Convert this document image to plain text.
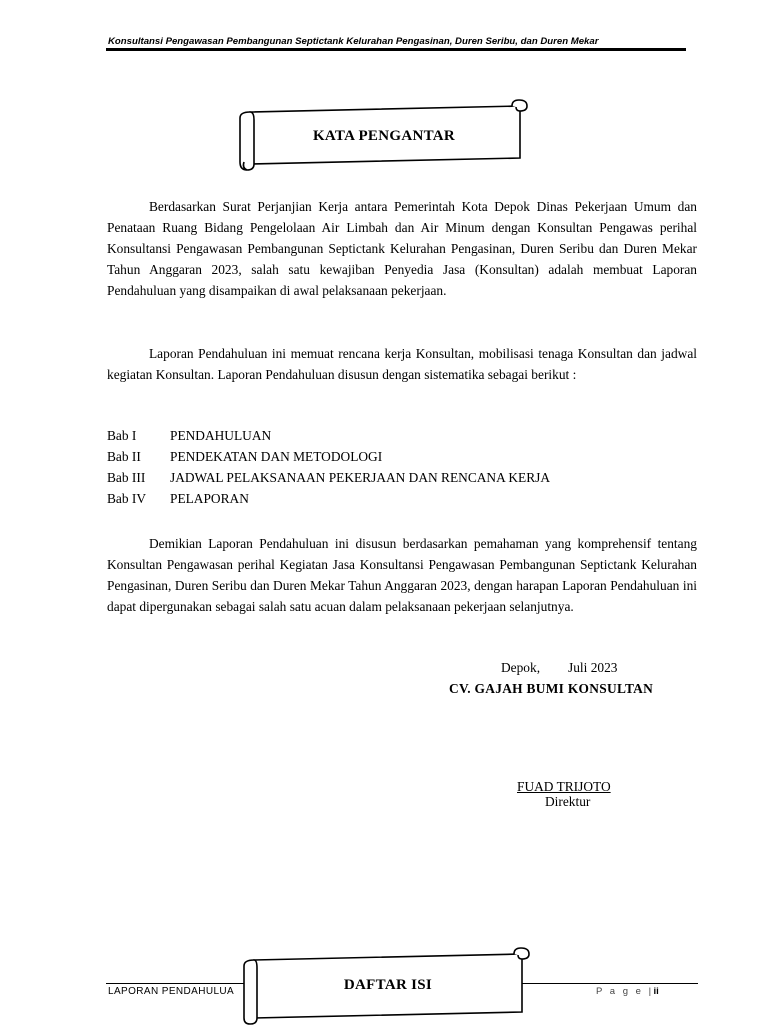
Konsultansi Pengawasan Pembangunan Septictank Kelurahan Pengasinan, Duren Seribu, dan Duren Mekar
KATA PENGANTAR
Berdasarkan Surat Perjanjian Kerja antara Pemerintah Kota Depok Dinas Pekerjaan Umum dan Penataan Ruang Bidang Pengelolaan Air Limbah dan Air Minum dengan Konsultan Pengawas perihal Konsultansi Pengawasan Pembangunan Septictank Kelurahan Pengasinan, Duren Seribu dan Duren Mekar Tahun Anggaran 2023, salah satu kewajiban Penyedia Jasa (Konsultan) adalah membuat Laporan Pendahuluan yang disampaikan di awal pelaksanaan pekerjaan.
Laporan Pendahuluan ini memuat rencana kerja Konsultan, mobilisasi tenaga Konsultan dan jadwal kegiatan Konsultan. Laporan Pendahuluan disusun dengan sistematika sebagai berikut :
Bab I	PENDAHULUAN
Bab II PENDEKATAN DAN METODOLOGI
Bab III JADWAL PELAKSANAAN PEKERJAAN DAN RENCANA KERJA
Bab IV PELAPORAN
Demikian Laporan Pendahuluan ini disusun berdasarkan pemahaman yang komprehensif tentang Konsultan Pengawasan perihal Kegiatan Jasa Konsultansi Pengawasan Pembangunan Septictank Kelurahan Pengasinan, Duren Seribu dan Duren Mekar Tahun Anggaran 2023, dengan harapan Laporan Pendahuluan ini dapat dipergunakan sebagai salah satu acuan dalam pelaksanaan pekerjaan selanjutnya.
Depok, Juli 2023
CV. GAJAH BUMI KONSULTAN
FUAD TRIJOTO
Direktur
LAPORAN PENDAHULUA	P a g e |ii
DAFTAR ISI
